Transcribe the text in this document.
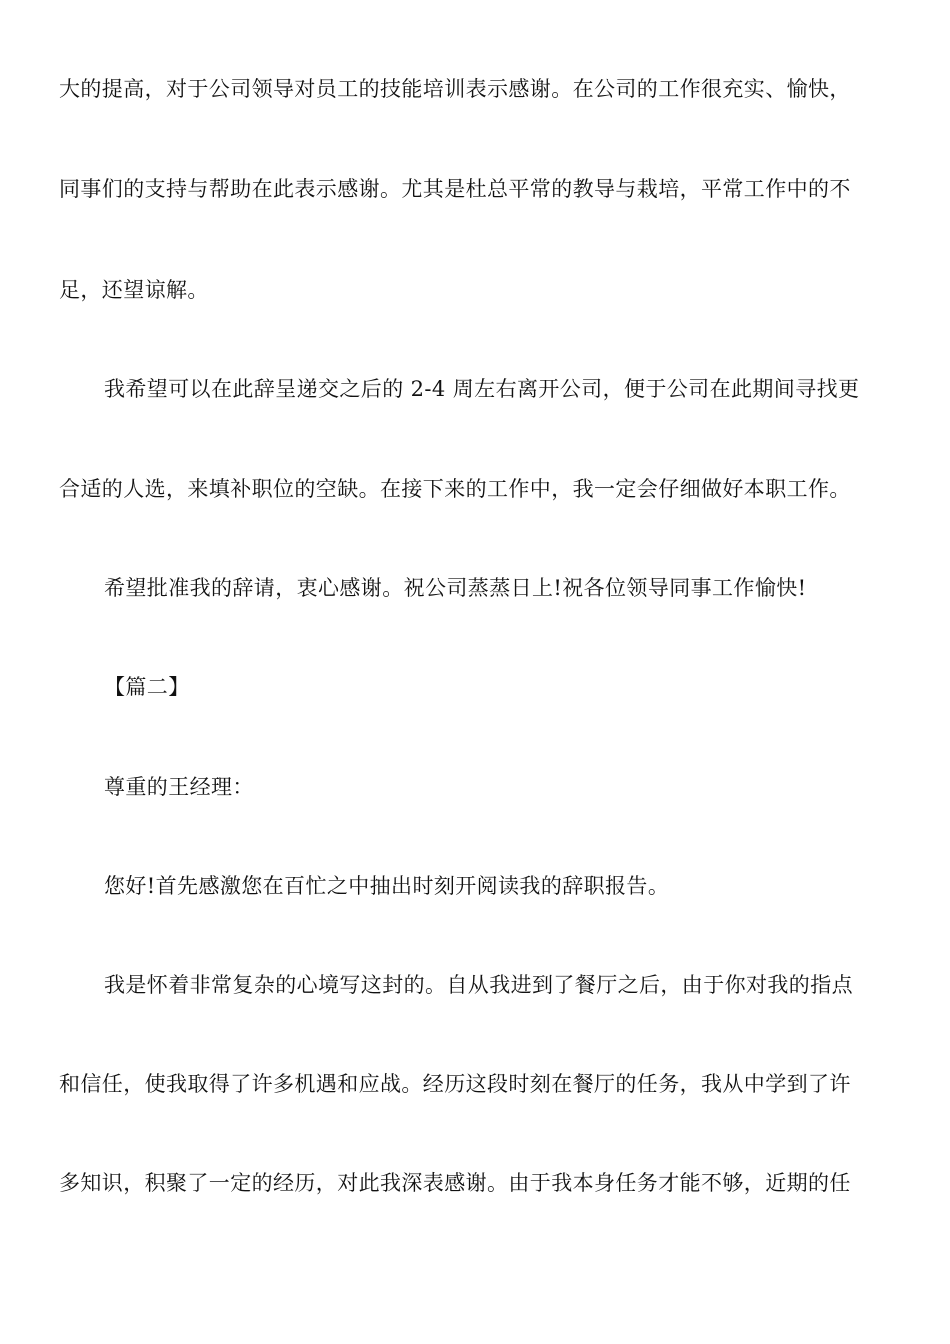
大的提高，对于公司领导对员工的技能培训表示感谢。在公司的工作很充实、愉快，
同事们的支持与帮助在此表示感谢。尤其是杜总平常的教导与栽培，平常工作中的不
足，还望谅解。
我希望可以在此辞呈递交之后的 2-4 周左右离开公司，便于公司在此期间寻找更
合适的人选，来填补职位的空缺。在接下来的工作中，我一定会仔细做好本职工作。
希望批准我的辞请，衷心感谢。祝公司蒸蒸日上!祝各位领导同事工作愉快!
【篇二】
尊重的王经理：
您好!首先感激您在百忙之中抽出时刻开阅读我的辞职报告。
我是怀着非常复杂的心境写这封的。自从我进到了餐厅之后，由于你对我的指点
和信任，使我取得了许多机遇和应战。经历这段时刻在餐厅的任务，我从中学到了许
多知识，积聚了一定的经历，对此我深表感谢。由于我本身任务才能不够，近期的任
